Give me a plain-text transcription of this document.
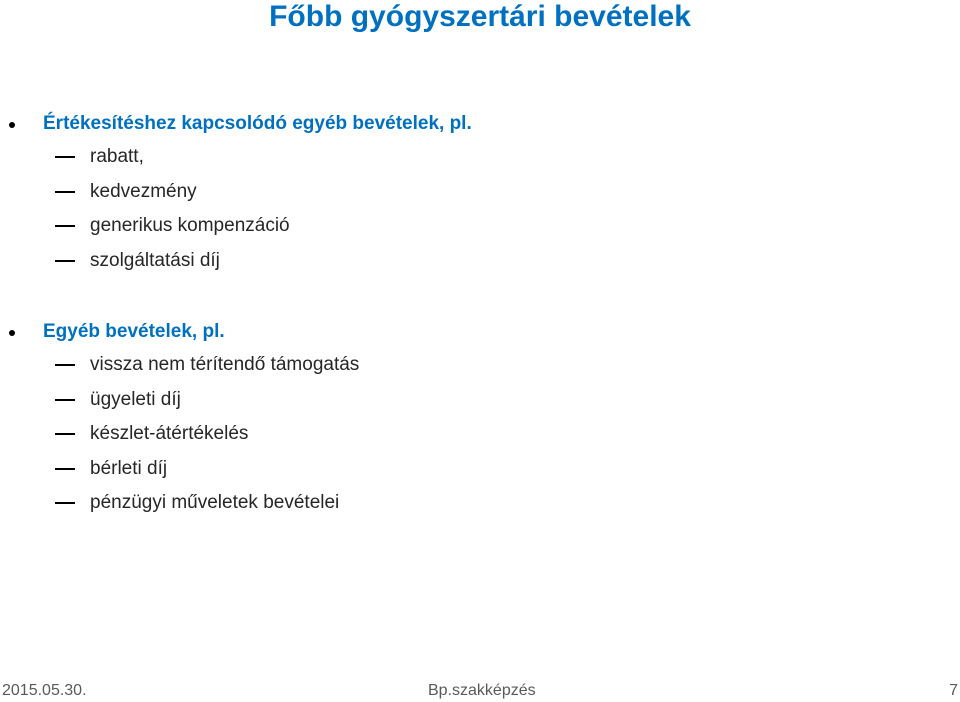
Főbb gyógyszertári bevételek
Értékesítéshez kapcsolódó egyéb bevételek, pl.
rabatt,
kedvezmény
generikus kompenzáció
szolgáltatási díj
Egyéb bevételek, pl.
vissza nem térítendő támogatás
ügyeleti díj
készlet-átértékelés
bérleti díj
pénzügyi műveletek bevételei
2015.05.30.	Bp.szakképzés	7
